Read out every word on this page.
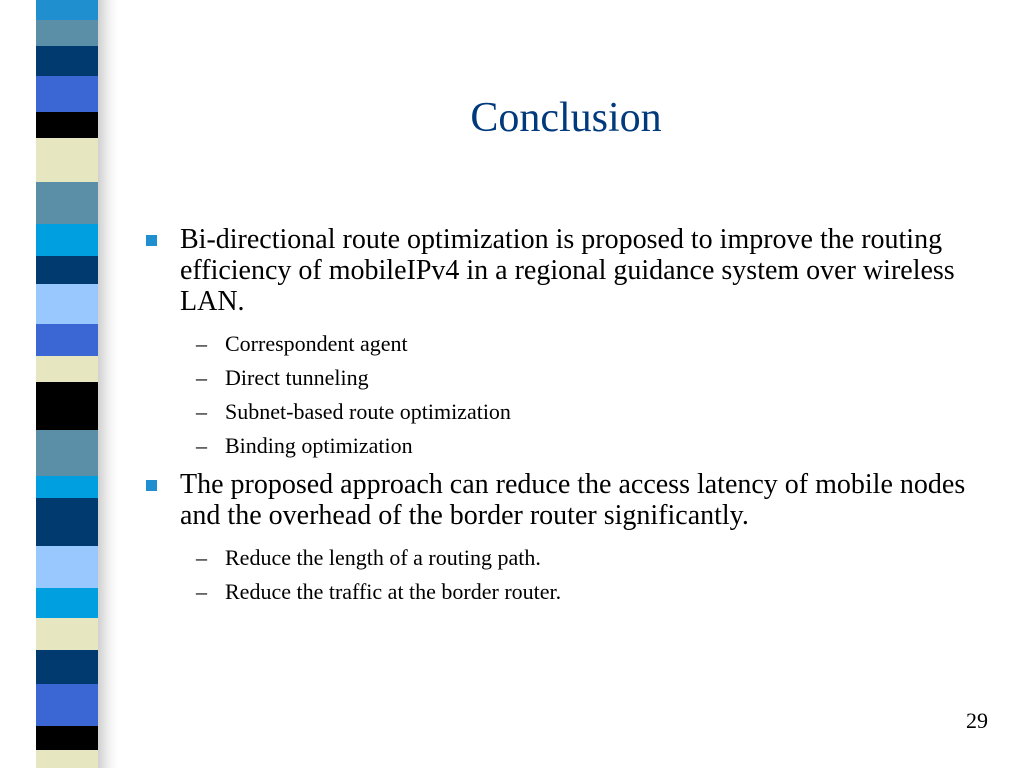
Conclusion
Bi-directional route optimization is proposed to improve the routing efficiency of mobileIPv4 in a regional guidance system over wireless LAN.
– Correspondent agent
– Direct tunneling
– Subnet-based route optimization
– Binding optimization
The proposed approach can reduce the access latency of mobile nodes and the overhead of the border router significantly.
– Reduce the length of a routing path.
– Reduce the traffic at the border router.
29
